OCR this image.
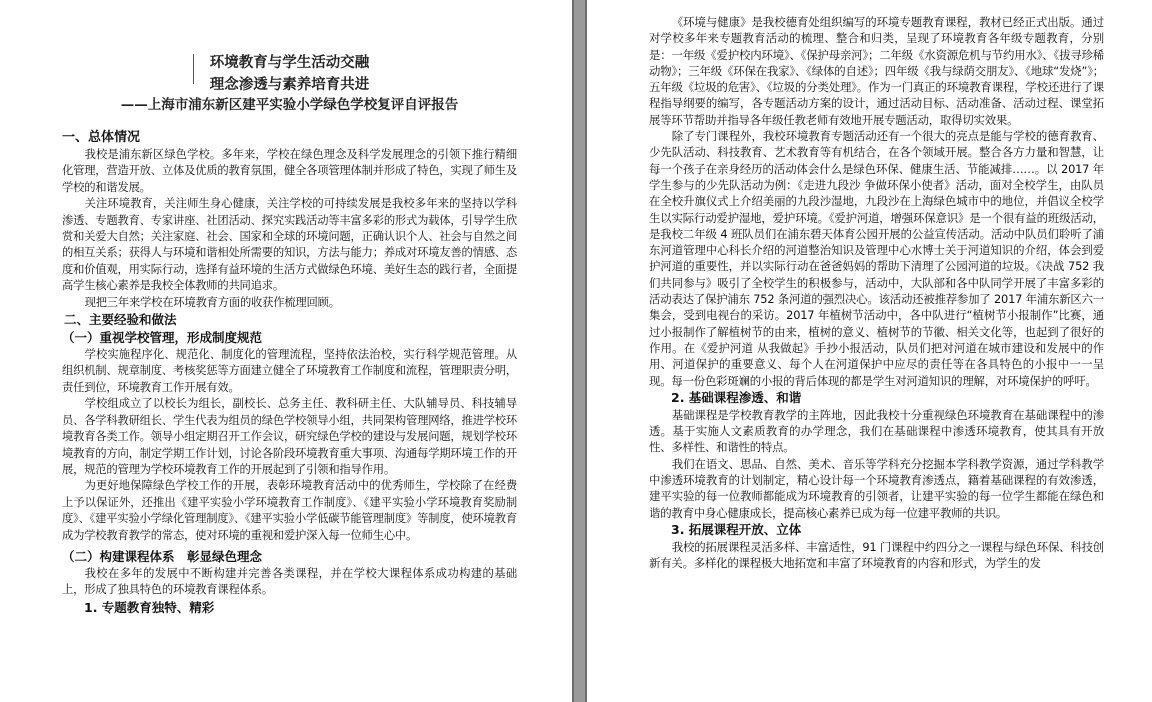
环境教育与学生活动交融
理念渗透与素养培育共进
——上海市浦东新区建平实验小学绿色学校复评自评报告
一、总体情况

我校是浦东新区绿色学校。多年来，学校在绿色理念及科学发展理念的引领下推行精细化管理，营造开放、立体及优质的教育氛围，健全各项管理体制并形成了特色，实现了师生及学校的和谐发展。

关注环境教育，关注师生身心健康，关注学校的可持续发展是我校多年来的坚持以学科渗透、专题教育、专家讲座、社团活动、探究实践活动等丰富多彩的形式为载体，引导学生欣赏和关爱大自然；关注家庭、社会、国家和全球的环境问题，正确认识个人、社会与自然之间的相互关系；获得人与环境和谐相处所需要的知识，方法与能力；养成对环境友善的情感、态度和价值观，用实际行动，选择有益环境的生活方式做绿色环境、美好生态的践行者，全面提高学生核心素养是我校全体教师的共同追求。

现把三年来学校在环境教育方面的收获作梳理回顾。

二、主要经验和做法
（一）重视学校管理，形成制度规范

学校实施程序化、规范化、制度化的管理流程，坚持依法治校，实行科学规范管理。从组织机制、规章制度、考核奖惩等方面建立健全了环境教育工作制度和流程，管理职责分明，责任到位，环境教育工作开展有效。

学校组成立了以校长为组长，副校长、总务主任、教科研主任、大队辅导员、科技辅导员、各学科教研组长、学生代表为组员的绿色学校领导小组，共同架构管理网络，推进学校环境教育各类工作。领导小组定期召开工作会议，研究绿色学校的建设与发展问题，规划学校环境教育的方向，制定学期工作计划，讨论各阶段环境教育重大事项、沟通每学期环境工作的开展，规范的管理为学校环境教育工作的开展起到了引领和指导作用。

为更好地保障绿色学校工作的开展，表彰环境教育活动中的优秀师生，学校除了在经费上予以保证外，还推出《建平实验小学环境教育工作制度》、《建平实验小学环境教育奖励制度》、《建平实验小学绿化管理制度》、《建平实验小学低碳节能管理制度》等制度，使环境教育成为学校教育教学的常态，使对环境的重视和爱护深入每一位师生心中。

（二）构建课程体系　彰显绿色理念

我校在多年的发展中不断构建并完善各类课程，并在学校大课程体系成功构建的基础上，形成了独具特色的环境教育课程体系。

1. 专题教育独特、精彩

《环境与健康》是我校德育处组织编写的环境专题教育课程，教材已经正式出版。通过对学校多年来专题教育活动的梳理、整合和归类，呈现了环境教育各年级专题教育，分别是：一年级《爱护校内环境》、《保护母亲河》；二年级《水资源危机与节约用水》、《拔寻珍稀动物》；三年级《环保在我家》、《绿体的自述》；四年级《我与绿荫交朋友》、《地球“发烧”》；五年级《垃圾的危害》、《垃圾的分类处理》。作为一门真正的环境教育课程，学校还进行了课程指导纲要的编写，各专题活动方案的设计，通过活动目标、活动准备、活动过程、课堂拓展等环节帮助并指导各年级任教老师有效地开展专题活动，取得切实效果。

除了专门课程外，我校环境教育专题活动还有一个很大的亮点是能与学校的德育教育、少先队活动、科技教育、艺术教育等有机结合，在各个领域开展。整合各方力量和智慧，让每一个孩子在亲身经历的活动体会什么是绿色环保、健康生活、节能减排……。以 2017 年学生参与的少先队活动为例：《走进九段沙 争做环保小使者》活动，面对全校学生，由队员在全校升旗仪式上介绍美丽的九段沙湿地，九段沙在上海绿色城市中的地位，并倡议全校学生以实际行动爱护湿地，爱护环境。《爱护河道，增强环保意识》是一个很有益的班级活动，是我校二年级 4 班队员们在浦东碧天体育公园开展的公益宣传活动。活动中队员们聆听了浦东河道管理中心科长介绍的河道整治知识及管理中心水博士关于河道知识的介绍，体会到爱护河道的重要性，并以实际行动在爸爸妈妈的帮助下清理了公园河道的垃圾。《决战 752 我们共同参与》吸引了全校学生的积极参与，活动中，大队部和各中队同学开展了丰富多彩的活动表达了保护浦东 752 条河道的强烈决心。该活动还被推荐参加了 2017 年浦东新区六一集会，受到电视台的采访。2017 年植树节活动中，各中队进行“植树节小报制作”比赛，通过小报制作了解植树节的由来，植树的意义、植树节的节徽、相关文化等，也起到了很好的作用。在《爱护河道 从我做起》手抄小报活动，队员们把对河道在城市建设和发展中的作用、河道保护的重要意义、每个人在河道保护中应尽的责任等在各具特色的小报中一一呈现。每一份色彩斑斓的小报的背后体现的都是学生对河道知识的理解，对环境保护的呼吁。

2. 基础课程渗透、和谐

基础课程是学校教育教学的主阵地，因此我校十分重视绿色环境教育在基础课程中的渗透。基于实施人文素质教育的办学理念，我们在基础课程中渗透环境教育，使其具有开放性、多样性、和谐性的特点。

我们在语文、思品、自然、美术、音乐等学科充分挖掘本学科教学资源，通过学科教学中渗透环境教育的计划制定，精心设计每一个环境教育渗透点，籍着基础课程的有效渗透，建平实验的每一位教师都能成为环境教育的引领者，让建平实验的每一位学生都能在绿色和谐的教育中身心健康成长，提高核心素养已成为每一位建平教师的共识。

3. 拓展课程开放、立体

我校的拓展课程灵活多样、丰富适性，91 门课程中约四分之一课程与绿色环保、科技创新有关。多样化的课程极大地拓宽和丰富了环境教育的内容和形式，为学生的发
